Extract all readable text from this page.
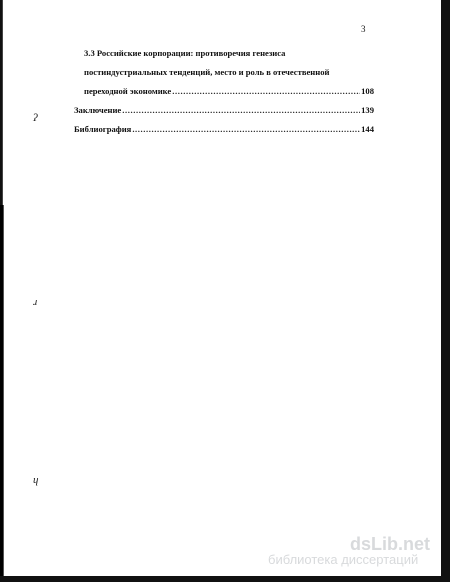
3
3.3 Российские корпорации: противоречия генезиса
постиндустриальных тенденций, место и роль в отечественной
переходной экономике .....	108
Заключение .....	139
Библиография .....	144
ʔ
ɹ
ɥ
dsLib.net
библиотека диссертаций
